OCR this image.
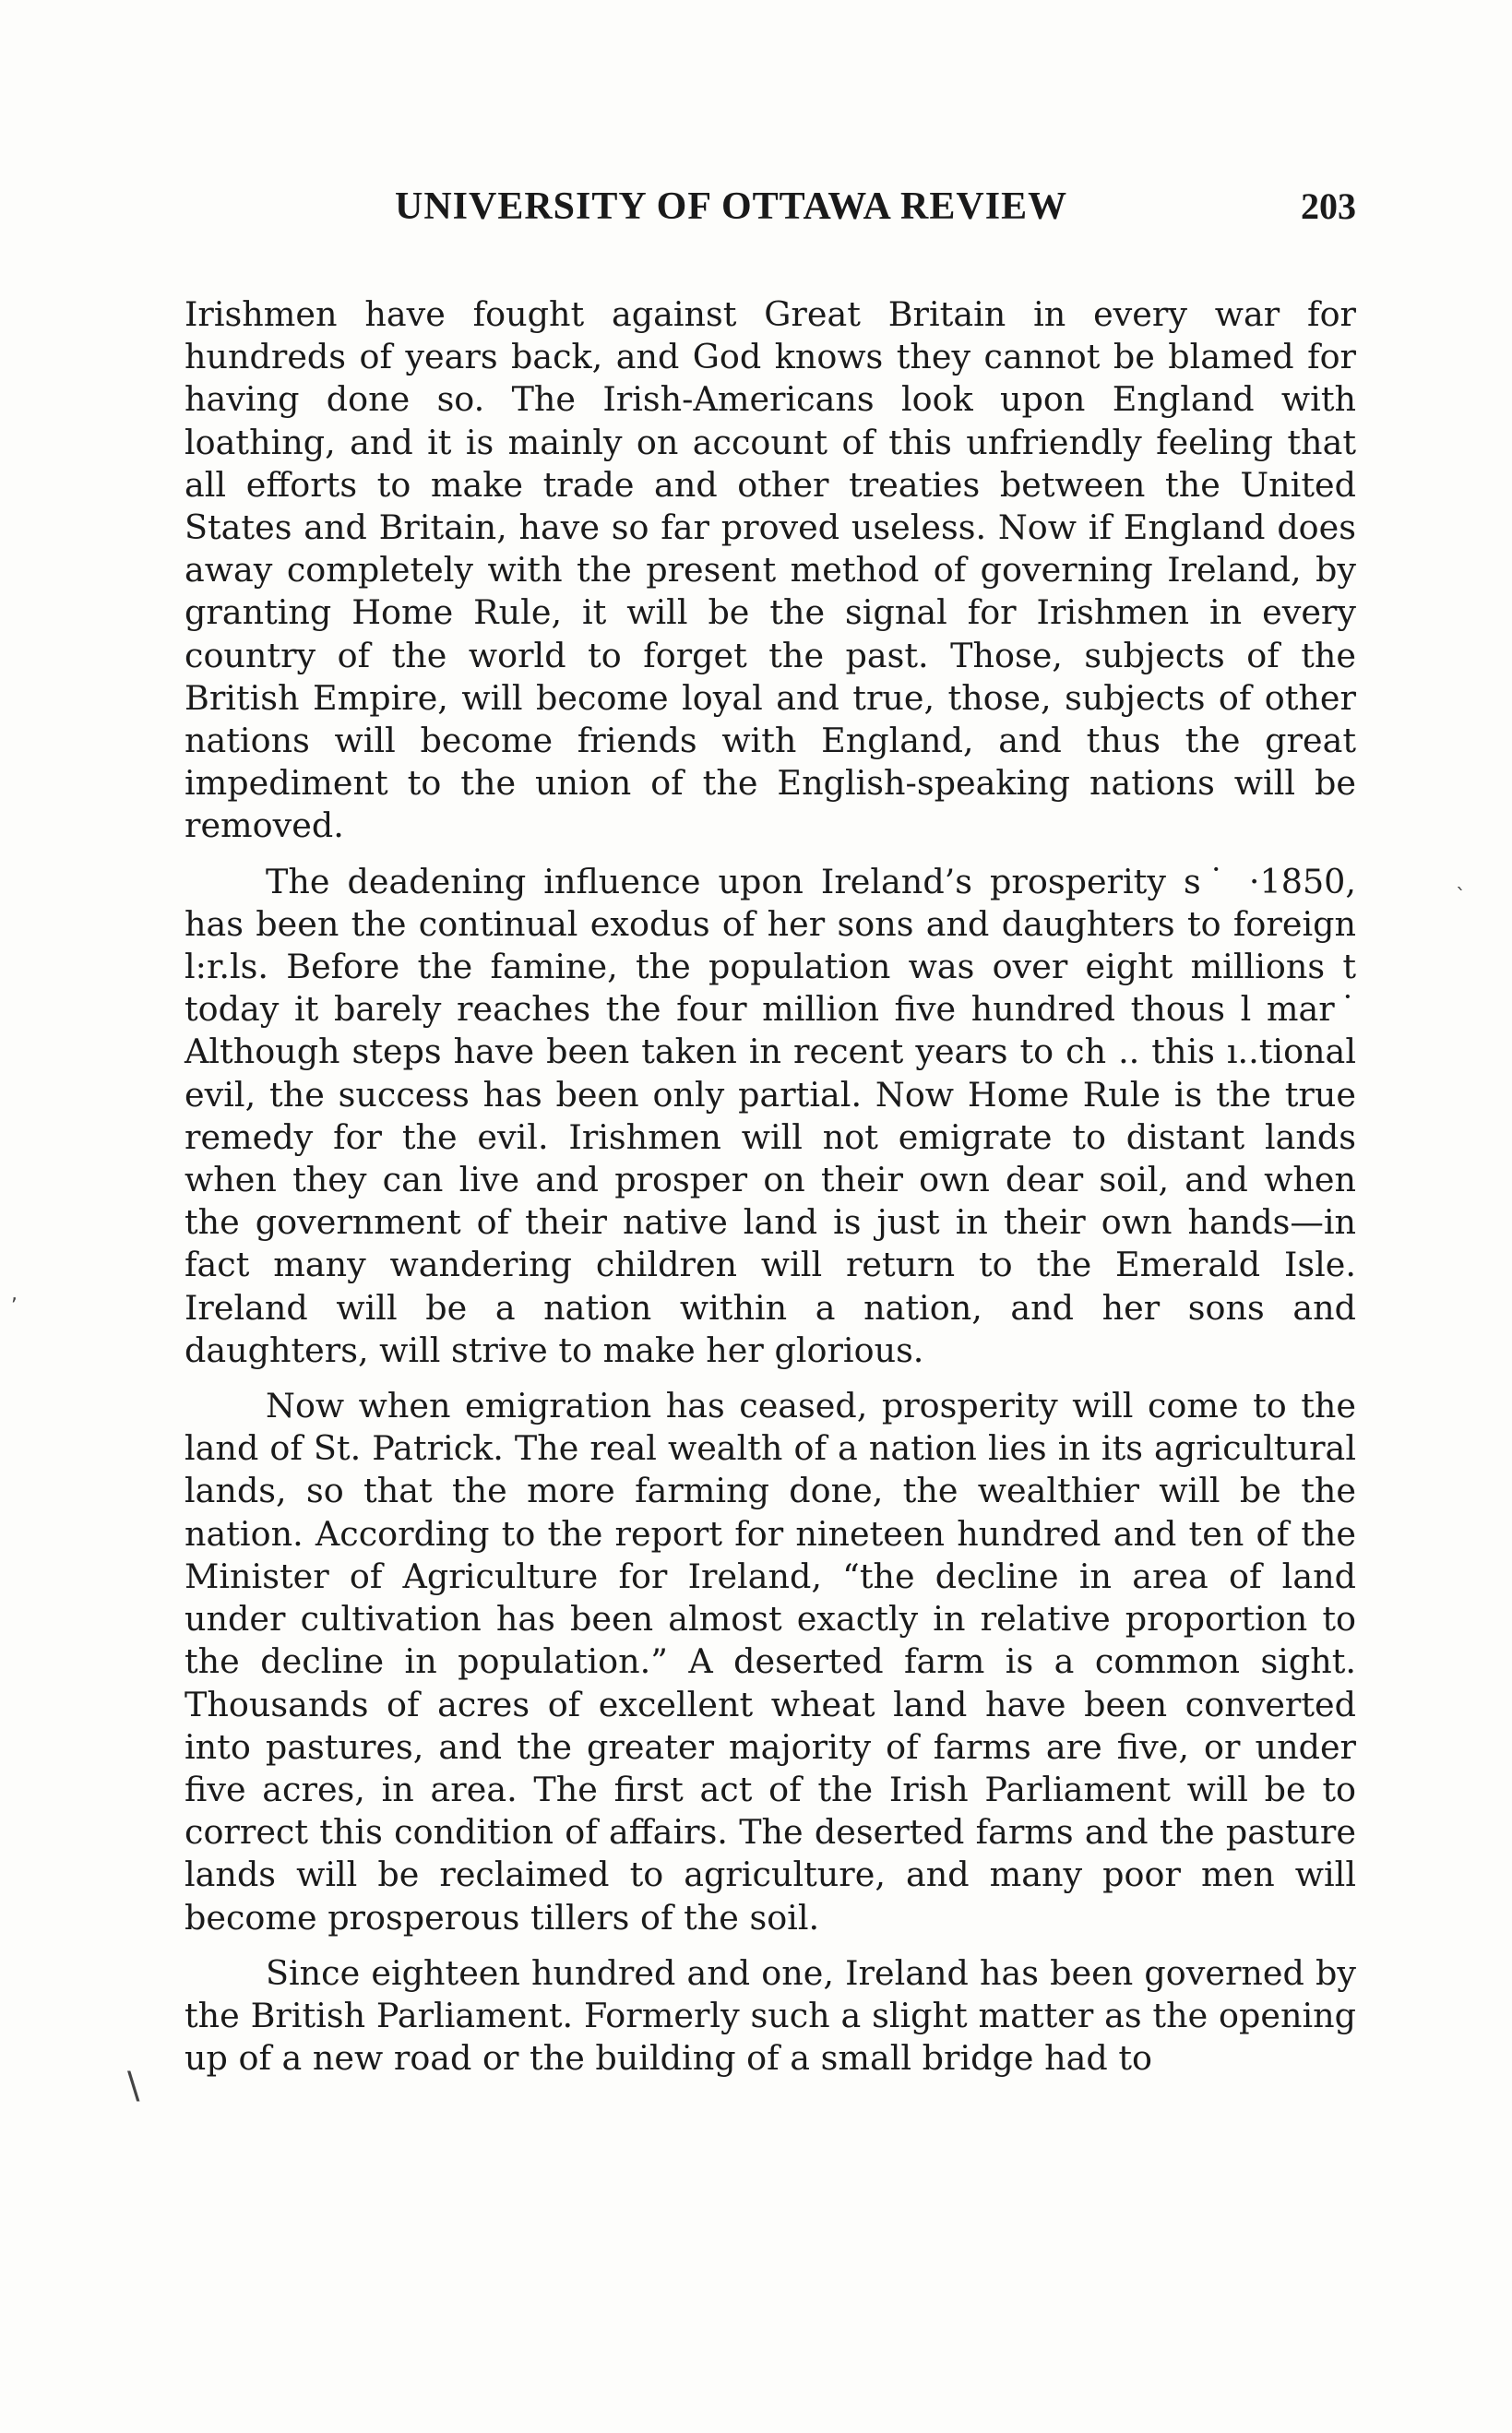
UNIVERSITY OF OTTAWA REVIEW	203

Irishmen have fought against Great Britain in every war for hundreds of years back, and God knows they cannot be blamed for having done so. The Irish-Americans look upon England with loathing, and it is mainly on account of this unfriendly feeling that all efforts to make trade and other treaties between the United States and Britain, have so far proved useless. Now if England does away completely with the present method of governing Ireland, by granting Home Rule, it will be the signal for Irishmen in every country of the world to forget the past. Those, subjects of the British Empire, will become loyal and true, those, subjects of other nations will become friends with England, and thus the great impediment to the union of the English-speaking nations will be removed.

The deadening influence upon Ireland’s prosperity s˙ ·1850, has been the continual exodus of her sons and daughters to foreign l:r.ls. Before the famine, the population was over eight millions t today it barely reaches the four million five hundred thous l mar˙ Although steps have been taken in recent years to ch .. this ı..tional evil, the success has been only partial. Now Home Rule is the true remedy for the evil. Irishmen will not emigrate to distant lands when they can live and prosper on their own dear soil, and when the government of their native land is just in their own hands—in fact many wandering children will return to the Emerald Isle. Ireland will be a nation within a nation, and her sons and daughters, will strive to make her glorious.

Now when emigration has ceased, prosperity will come to the land of St. Patrick. The real wealth of a nation lies in its agricultural lands, so that the more farming done, the wealthier will be the nation. According to the report for nineteen hundred and ten of the Minister of Agriculture for Ireland, “the decline in area of land under cultivation has been almost exactly in relative proportion to the decline in population.” A deserted farm is a common sight. Thousands of acres of excellent wheat land have been converted into pastures, and the greater majority of farms are five, or under five acres, in area. The first act of the Irish Parliament will be to correct this condition of affairs. The deserted farms and the pasture lands will be reclaimed to agriculture, and many poor men will become prosperous tillers of the soil.

Since eighteen hundred and one, Ireland has been governed by the British Parliament. Formerly such a slight matter as the opening up of a new road or the building of a small bridge had to

\
`
,
